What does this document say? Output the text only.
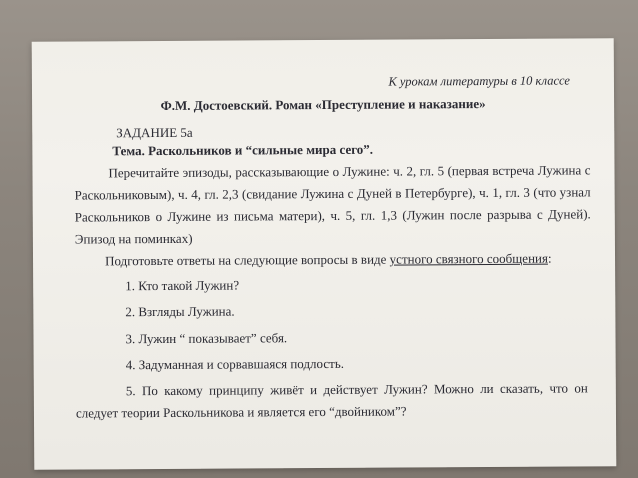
К урокам литературы в 10 классе
Ф.М. Достоевский. Роман «Преступление и наказание»
ЗАДАНИЕ 5а
Тема. Раскольников и “сильные мира сего”.
Перечитайте эпизоды, рассказывающие о Лужине: ч. 2, гл. 5 (первая встреча Лужина с
Раскольниковым), ч. 4, гл. 2,3 (свидание Лужина с Дуней в Петербурге), ч. 1, гл. 3 (что узнал
Раскольников о Лужине из письма матери), ч. 5, гл. 1,3 (Лужин после разрыва с Дуней).
Эпизод на поминках)
Подготовьте ответы на следующие вопросы в виде устного связного сообщения:
1. Кто такой Лужин?
2. Взгляды Лужина.
3. Лужин “ показывает” себя.
4. Задуманная и сорвавшаяся подлость.
5. По какому принципу живёт и действует Лужин? Можно ли сказать, что он
следует теории Раскольникова и является его “двойником”?
